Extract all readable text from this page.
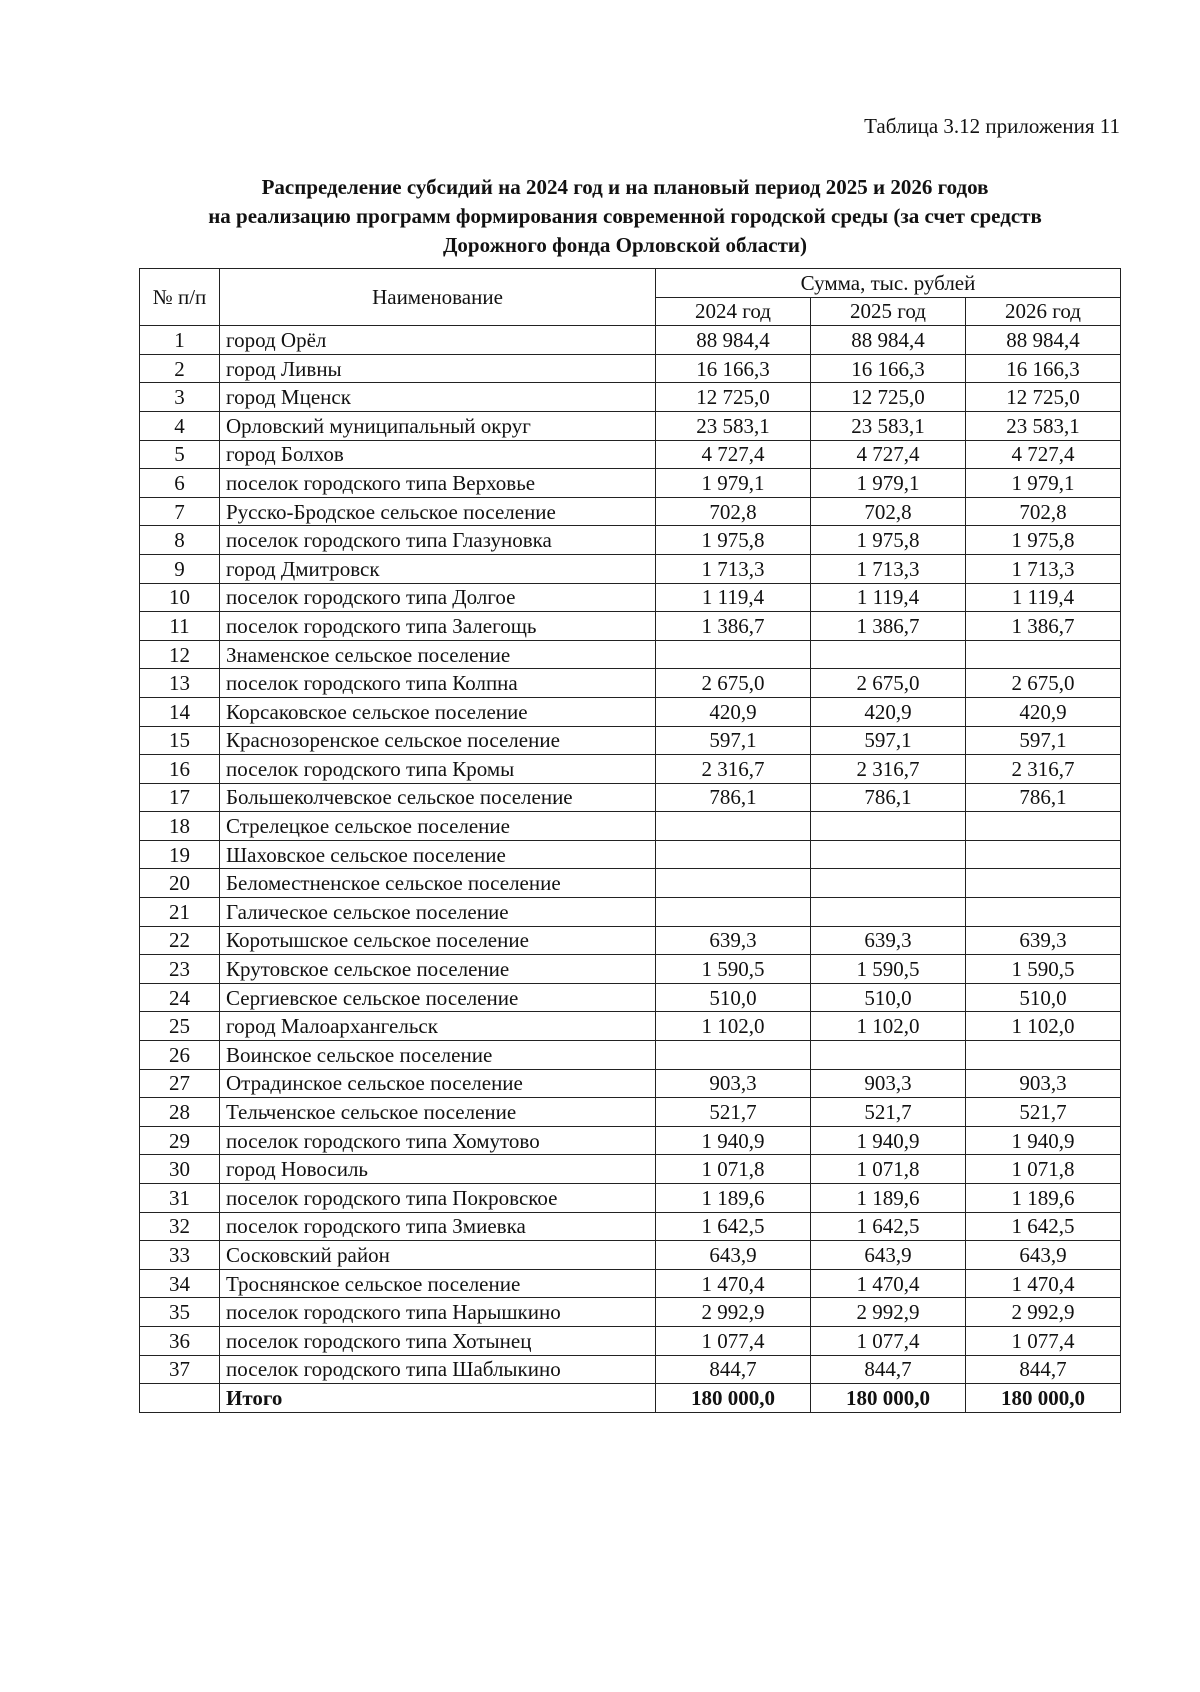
Таблица 3.12 приложения 11
Распределение субсидий на 2024 год и на плановый период 2025 и 2026 годов
на реализацию программ формирования современной городской среды (за счет средств
Дорожного фонда Орловской области)
№ п/п	Наименование	Сумма, тыс. рублей		
		2024 год	2025 год	2026 год
1	город Орёл	88 984,4	88 984,4	88 984,4
2	город Ливны	16 166,3	16 166,3	16 166,3
3	город Мценск	12 725,0	12 725,0	12 725,0
4	Орловский муниципальный округ	23 583,1	23 583,1	23 583,1
5	город Болхов	4 727,4	4 727,4	4 727,4
6	поселок городского типа Верховье	1 979,1	1 979,1	1 979,1
7	Русско-Бродское сельское поселение	702,8	702,8	702,8
8	поселок городского типа Глазуновка	1 975,8	1 975,8	1 975,8
9	город Дмитровск	1 713,3	1 713,3	1 713,3
10	поселок городского типа Долгое	1 119,4	1 119,4	1 119,4
11	поселок городского типа Залегощь	1 386,7	1 386,7	1 386,7
12	Знаменское сельское поселение			
13	поселок городского типа Колпна	2 675,0	2 675,0	2 675,0
14	Корсаковское сельское поселение	420,9	420,9	420,9
15	Краснозоренское сельское поселение	597,1	597,1	597,1
16	поселок городского типа Кромы	2 316,7	2 316,7	2 316,7
17	Большеколчевское сельское поселение	786,1	786,1	786,1
18	Стрелецкое сельское поселение			
19	Шаховское сельское поселение			
20	Беломестненское сельское поселение			
21	Галическое сельское поселение			
22	Коротышское сельское поселение	639,3	639,3	639,3
23	Крутовское сельское поселение	1 590,5	1 590,5	1 590,5
24	Сергиевское сельское поселение	510,0	510,0	510,0
25	город Малоархангельск	1 102,0	1 102,0	1 102,0
26	Воинское сельское поселение			
27	Отрадинское сельское поселение	903,3	903,3	903,3
28	Тельченское сельское поселение	521,7	521,7	521,7
29	поселок городского типа Хомутово	1 940,9	1 940,9	1 940,9
30	город Новосиль	1 071,8	1 071,8	1 071,8
31	поселок городского типа Покровское	1 189,6	1 189,6	1 189,6
32	поселок городского типа Змиевка	1 642,5	1 642,5	1 642,5
33	Сосковский район	643,9	643,9	643,9
34	Троснянское сельское поселение	1 470,4	1 470,4	1 470,4
35	поселок городского типа Нарышкино	2 992,9	2 992,9	2 992,9
36	поселок городского типа Хотынец	1 077,4	1 077,4	1 077,4
37	поселок городского типа Шаблыкино	844,7	844,7	844,7
	Итого	180 000,0	180 000,0	180 000,0
